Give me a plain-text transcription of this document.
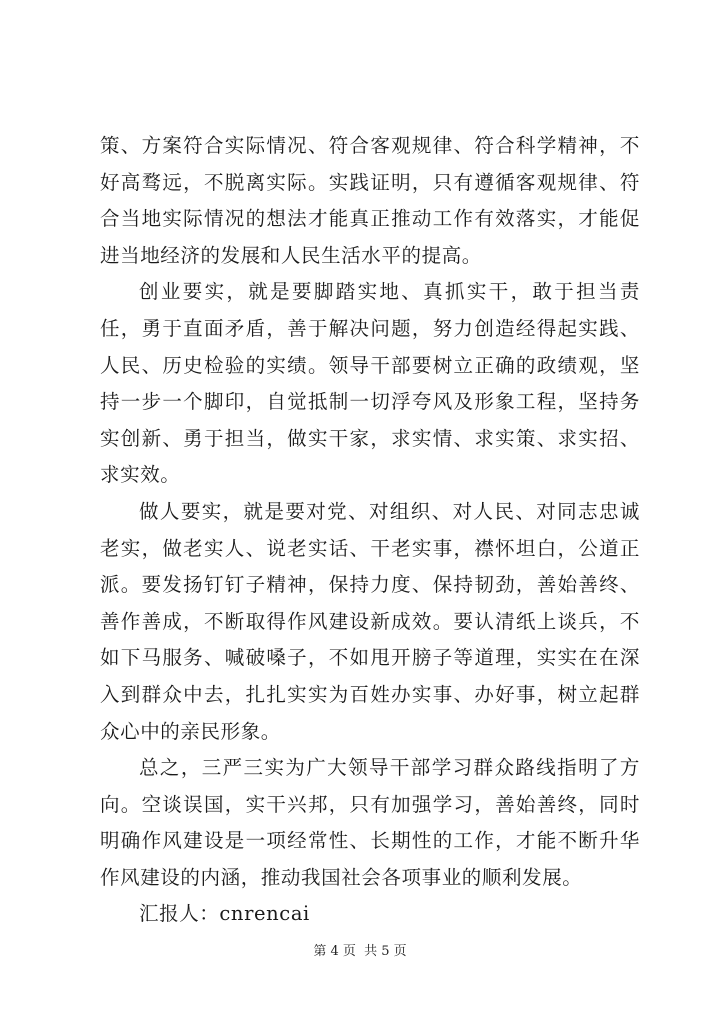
策、方案符合实际情况、符合客观规律、符合科学精神，不好高骛远，不脱离实际。实践证明，只有遵循客观规律、符合当地实际情况的想法才能真正推动工作有效落实，才能促进当地经济的发展和人民生活水平的提高。

创业要实，就是要脚踏实地、真抓实干，敢于担当责任，勇于直面矛盾，善于解决问题，努力创造经得起实践、人民、历史检验的实绩。领导干部要树立正确的政绩观，坚持一步一个脚印，自觉抵制一切浮夸风及形象工程，坚持务实创新、勇于担当，做实干家，求实情、求实策、求实招、求实效。

做人要实，就是要对党、对组织、对人民、对同志忠诚老实，做老实人、说老实话、干老实事，襟怀坦白，公道正派。要发扬钉钉子精神，保持力度、保持韧劲，善始善终、善作善成，不断取得作风建设新成效。要认清纸上谈兵，不如下马服务、喊破嗓子，不如甩开膀子等道理，实实在在深入到群众中去，扎扎实实为百姓办实事、办好事，树立起群众心中的亲民形象。

总之，三严三实为广大领导干部学习群众路线指明了方向。空谈误国，实干兴邦，只有加强学习，善始善终，同时明确作风建设是一项经常性、长期性的工作，才能不断升华作风建设的内涵，推动我国社会各项事业的顺利发展。

汇报人：cnrencai

第 4 页  共 5 页
